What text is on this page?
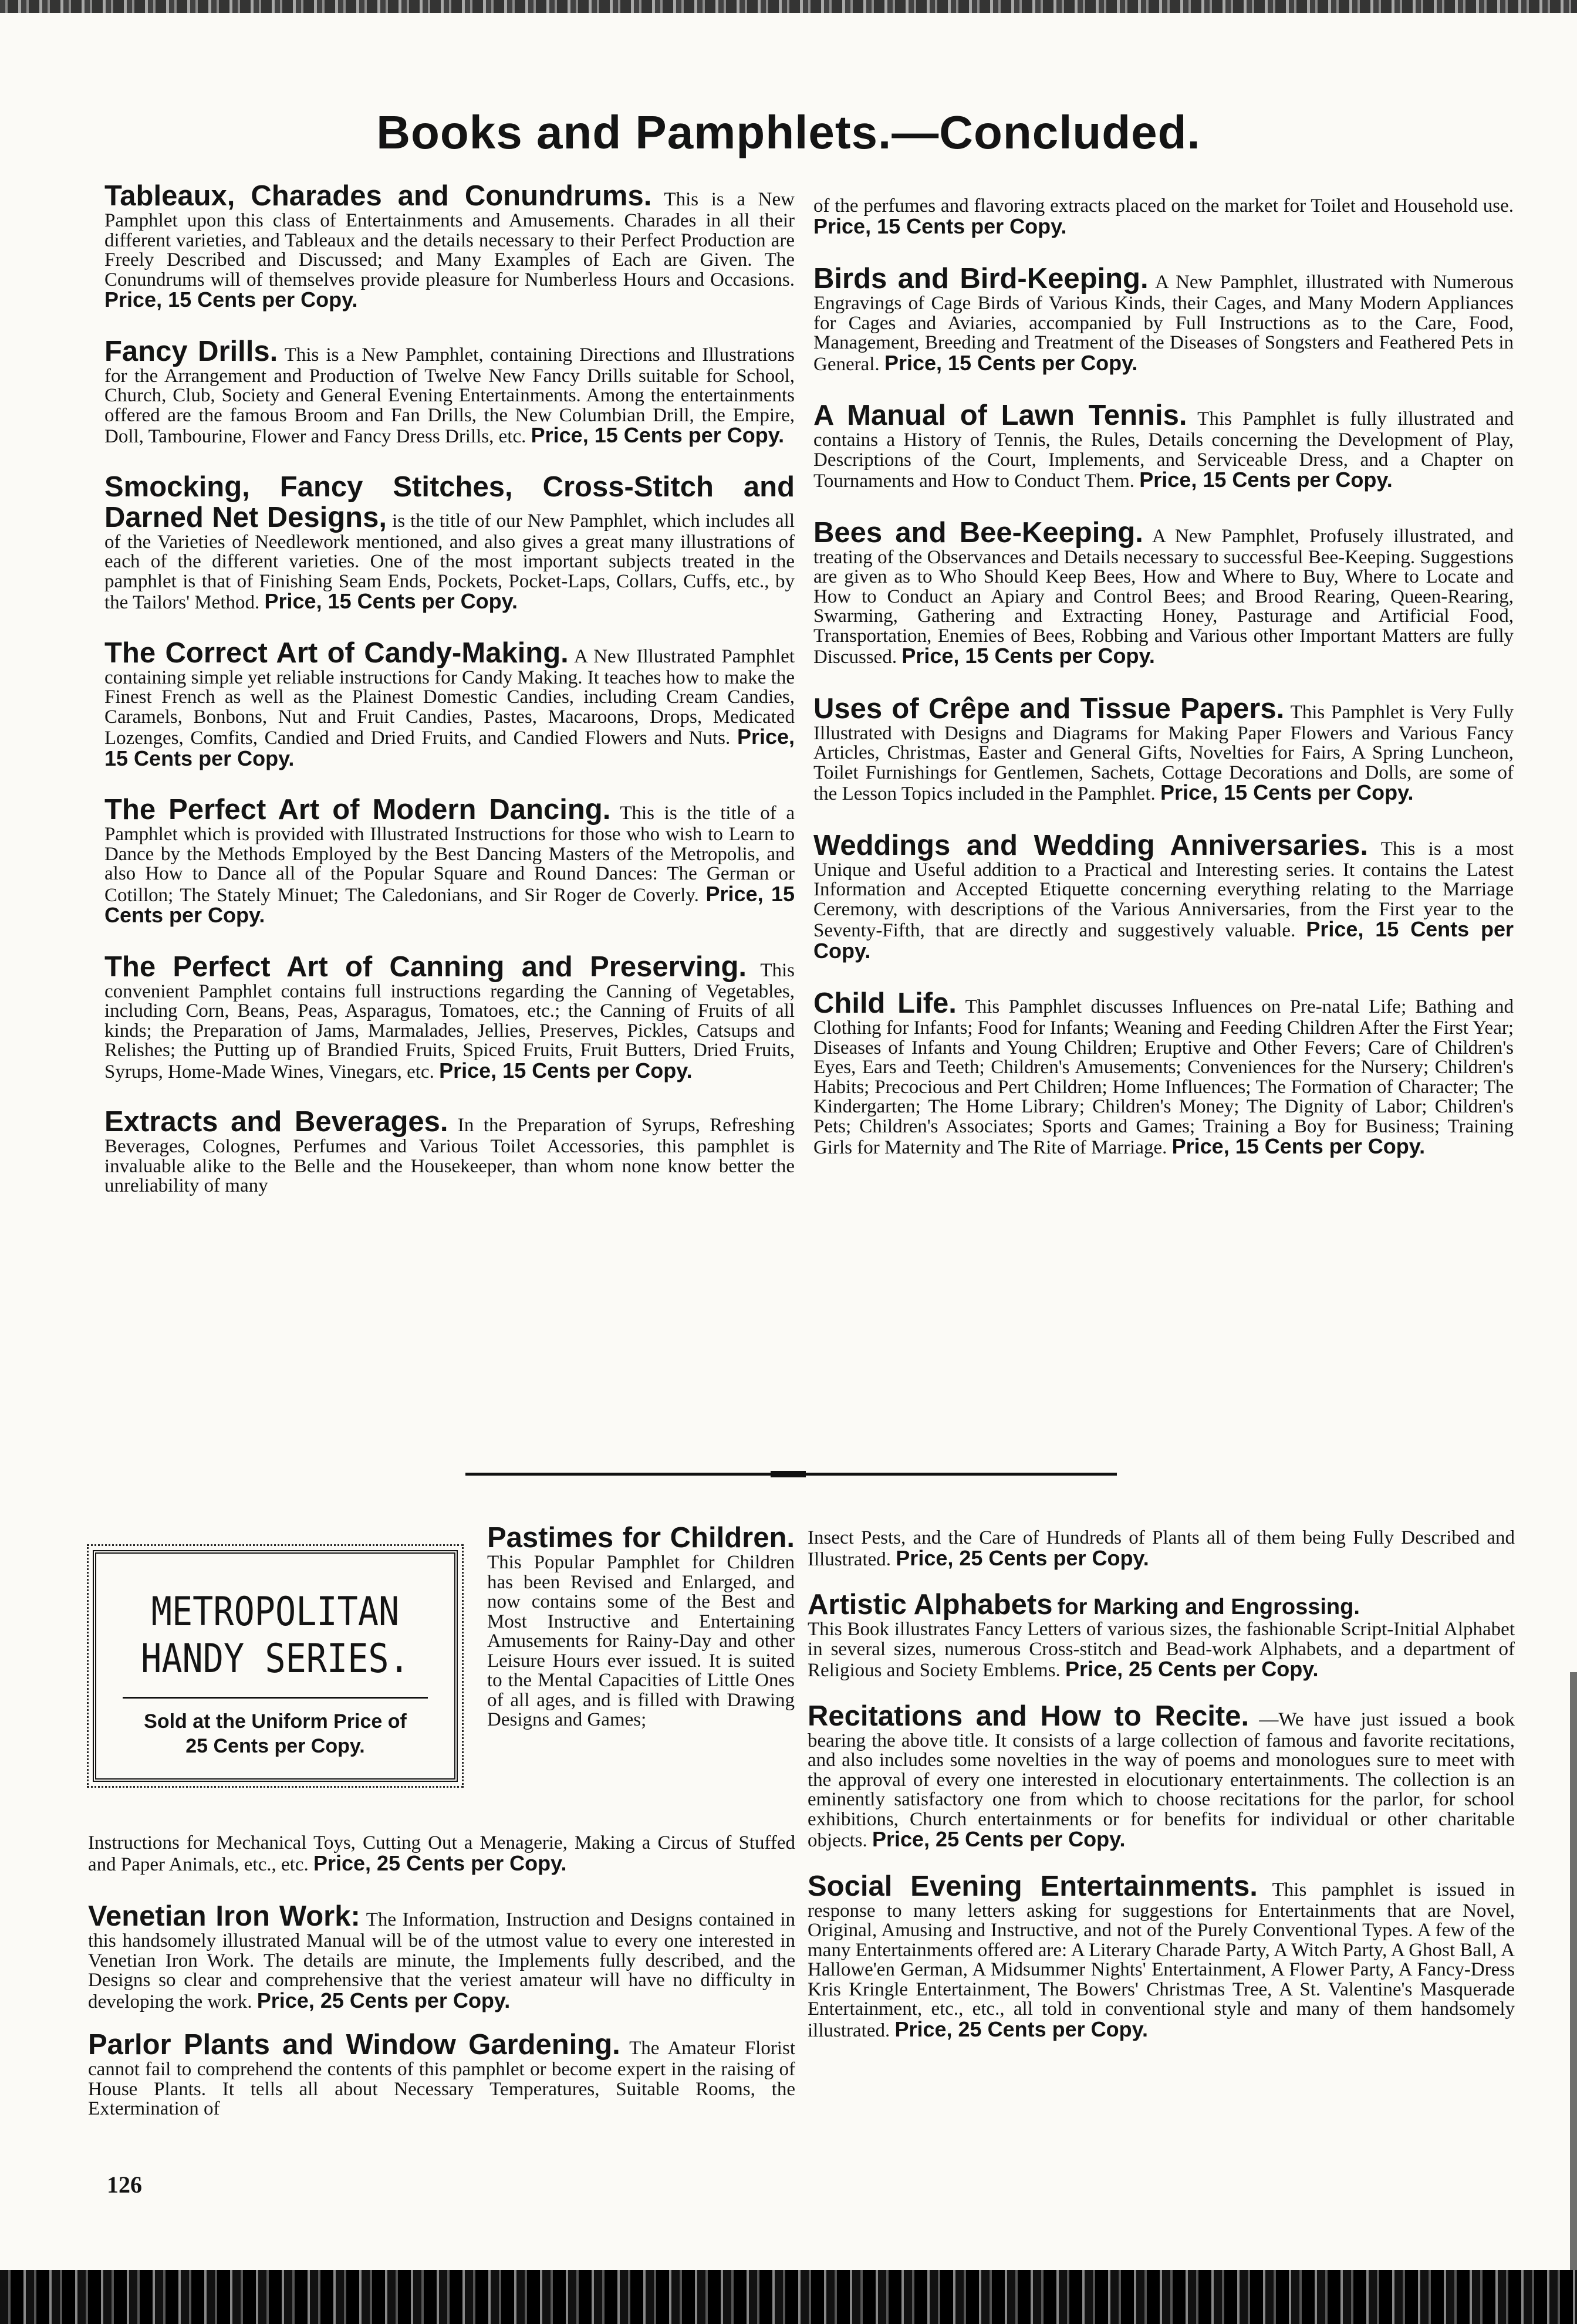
Books and Pamphlets.—Concluded.
Tableaux, Charades and Conundrums. This is a New Pamphlet upon this class of Entertainments and Amusements. Charades in all their different varieties, and Tableaux and the details necessary to their Perfect Production are Freely Described and Discussed; and Many Examples of Each are Given. The Conundrums will of themselves provide pleasure for Numberless Hours and Occasions. Price, 15 Cents per Copy.
Fancy Drills. This is a New Pamphlet, containing Directions and Illustrations for the Arrangement and Production of Twelve New Fancy Drills suitable for School, Church, Club, Society and General Evening Entertainments. Among the entertainments offered are the famous Broom and Fan Drills, the New Columbian Drill, the Empire, Doll, Tambourine, Flower and Fancy Dress Drills, etc. Price, 15 Cents per Copy.
Smocking, Fancy Stitches, Cross-Stitch and Darned Net Designs, is the title of our New Pamphlet, which includes all of the Varieties of Needlework mentioned, and also gives a great many illustrations of each of the different varieties. One of the most important subjects treated in the pamphlet is that of Finishing Seam Ends, Pockets, Pocket-Laps, Collars, Cuffs, etc., by the Tailors' Method. Price, 15 Cents per Copy.
The Correct Art of Candy-Making. A New Illustrated Pamphlet containing simple yet reliable instructions for Candy Making. It teaches how to make the Finest French as well as the Plainest Domestic Candies, including Cream Candies, Caramels, Bonbons, Nut and Fruit Candies, Pastes, Macaroons, Drops, Medicated Lozenges, Comfits, Candied and Dried Fruits, and Candied Flowers and Nuts. Price, 15 Cents per Copy.
The Perfect Art of Modern Dancing. This is the title of a Pamphlet which is provided with Illustrated Instructions for those who wish to Learn to Dance by the Methods Employed by the Best Dancing Masters of the Metropolis, and also How to Dance all of the Popular Square and Round Dances: The German or Cotillon; The Stately Minuet; The Caledonians, and Sir Roger de Coverly. Price, 15 Cents per Copy.
The Perfect Art of Canning and Preserving. This convenient Pamphlet contains full instructions regarding the Canning of Vegetables, including Corn, Beans, Peas, Asparagus, Tomatoes, etc.; the Canning of Fruits of all kinds; the Preparation of Jams, Marmalades, Jellies, Preserves, Pickles, Catsups and Relishes; the Putting up of Brandied Fruits, Spiced Fruits, Fruit Butters, Dried Fruits, Syrups, Home-Made Wines, Vinegars, etc. Price, 15 Cents per Copy.
Extracts and Beverages. In the Preparation of Syrups, Refreshing Beverages, Colognes, Perfumes and Various Toilet Accessories, this pamphlet is invaluable alike to the Belle and the Housekeeper, than whom none know better the unreliability of many
of the perfumes and flavoring extracts placed on the market for Toilet and Household use. Price, 15 Cents per Copy.
Birds and Bird-Keeping. A New Pamphlet, illustrated with Numerous Engravings of Cage Birds of Various Kinds, their Cages, and Many Modern Appliances for Cages and Aviaries, accompanied by Full Instructions as to the Care, Food, Management, Breeding and Treatment of the Diseases of Songsters and Feathered Pets in General. Price, 15 Cents per Copy.
A Manual of Lawn Tennis. This Pamphlet is fully illustrated and contains a History of Tennis, the Rules, Details concerning the Development of Play, Descriptions of the Court, Implements, and Serviceable Dress, and a Chapter on Tournaments and How to Conduct Them. Price, 15 Cents per Copy.
Bees and Bee-Keeping. A New Pamphlet, Profusely illustrated, and treating of the Observances and Details necessary to successful Bee-Keeping. Suggestions are given as to Who Should Keep Bees, How and Where to Buy, Where to Locate and How to Conduct an Apiary and Control Bees; and Brood Rearing, Queen-Rearing, Swarming, Gathering and Extracting Honey, Pasturage and Artificial Food, Transportation, Enemies of Bees, Robbing and Various other Important Matters are fully Discussed. Price, 15 Cents per Copy.
Uses of Crêpe and Tissue Papers. This Pamphlet is Very Fully Illustrated with Designs and Diagrams for Making Paper Flowers and Various Fancy Articles, Christmas, Easter and General Gifts, Novelties for Fairs, A Spring Luncheon, Toilet Furnishings for Gentlemen, Sachets, Cottage Decorations and Dolls, are some of the Lesson Topics included in the Pamphlet. Price, 15 Cents per Copy.
Weddings and Wedding Anniversaries. This is a most Unique and Useful addition to a Practical and Interesting series. It contains the Latest Information and Accepted Etiquette concerning everything relating to the Marriage Ceremony, with descriptions of the Various Anniversaries, from the First year to the Seventy-Fifth, that are directly and suggestively valuable. Price, 15 Cents per Copy.
Child Life. This Pamphlet discusses Influences on Pre-natal Life; Bathing and Clothing for Infants; Food for Infants; Weaning and Feeding Children After the First Year; Diseases of Infants and Young Children; Eruptive and Other Fevers; Care of Children's Eyes, Ears and Teeth; Children's Amusements; Conveniences for the Nursery; Children's Habits; Precocious and Pert Children; Home Influences; The Formation of Character; The Kindergarten; The Home Library; Children's Money; The Dignity of Labor; Children's Pets; Children's Associates; Sports and Games; Training a Boy for Business; Training Girls for Maternity and The Rite of Marriage. Price, 15 Cents per Copy.
METROPOLITAN
HANDY SERIES.
Sold at the Uniform Price of
25 Cents per Copy.
Pastimes for Children. This Popular Pamphlet for Children has been Revised and Enlarged, and now contains some of the Best and Most Instructive and Entertaining Amusements for Rainy-Day and other Leisure Hours ever issued. It is suited to the Mental Capacities of Little Ones of all ages, and is filled with Drawing Designs and Games;
Instructions for Mechanical Toys, Cutting Out a Menagerie, Making a Circus of Stuffed and Paper Animals, etc., etc. Price, 25 Cents per Copy.
Venetian Iron Work: The Information, Instruction and Designs contained in this handsomely illustrated Manual will be of the utmost value to every one interested in Venetian Iron Work. The details are minute, the Implements fully described, and the Designs so clear and comprehensive that the veriest amateur will have no difficulty in developing the work. Price, 25 Cents per Copy.
Parlor Plants and Window Gardening. The Amateur Florist cannot fail to comprehend the contents of this pamphlet or become expert in the raising of House Plants. It tells all about Necessary Temperatures, Suitable Rooms, the Extermination of
Insect Pests, and the Care of Hundreds of Plants all of them being Fully Described and Illustrated. Price, 25 Cents per Copy.
Artistic Alphabets for Marking and Engrossing.
This Book illustrates Fancy Letters of various sizes, the fashionable Script-Initial Alphabet in several sizes, numerous Cross-stitch and Bead-work Alphabets, and a department of Religious and Society Emblems. Price, 25 Cents per Copy.
Recitations and How to Recite. —We have just issued a book bearing the above title. It consists of a large collection of famous and favorite recitations, and also includes some novelties in the way of poems and monologues sure to meet with the approval of every one interested in elocutionary entertainments. The collection is an eminently satisfactory one from which to choose recitations for the parlor, for school exhibitions, Church entertainments or for benefits for individual or other charitable objects. Price, 25 Cents per Copy.
Social Evening Entertainments. This pamphlet is issued in response to many letters asking for suggestions for Entertainments that are Novel, Original, Amusing and Instructive, and not of the Purely Conventional Types. A few of the many Entertainments offered are: A Literary Charade Party, A Witch Party, A Ghost Ball, A Hallowe'en German, A Midsummer Nights' Entertainment, A Flower Party, A Fancy-Dress Kris Kringle Entertainment, The Bowers' Christmas Tree, A St. Valentine's Masquerade Entertainment, etc., etc., all told in conventional style and many of them handsomely illustrated. Price, 25 Cents per Copy.
126
